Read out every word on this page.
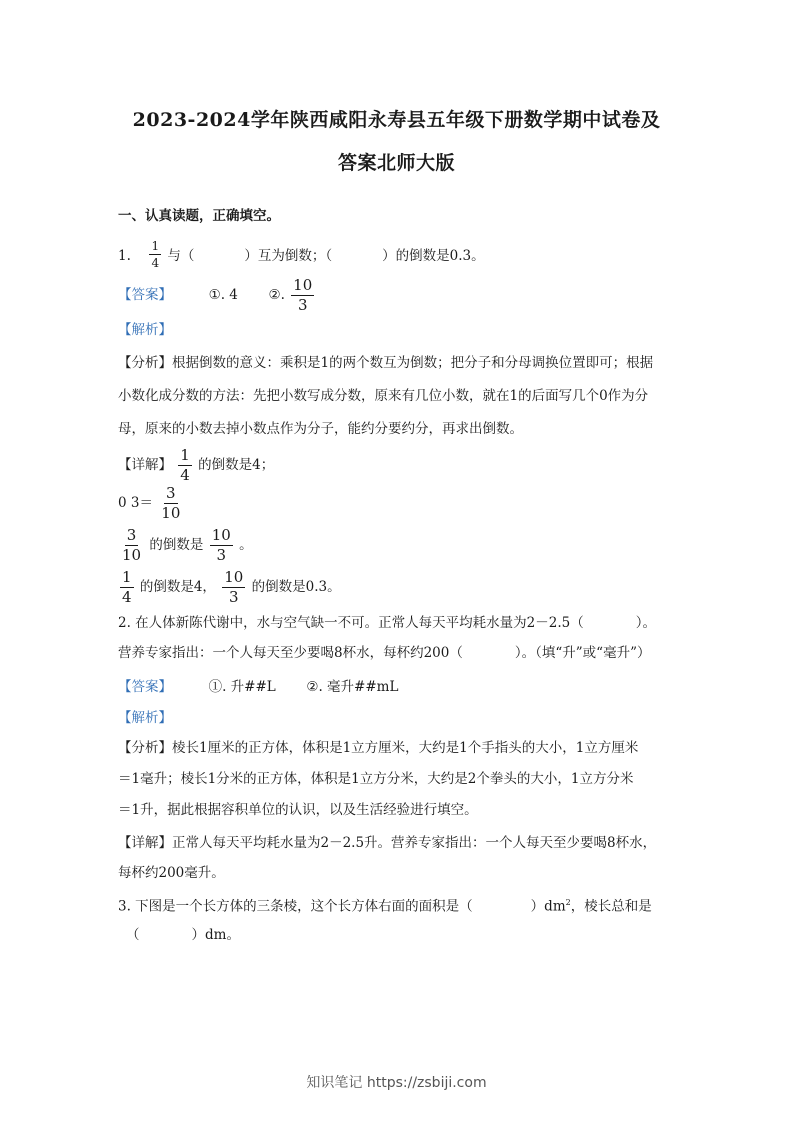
2023-2024学年陕西咸阳永寿县五年级下册数学期中试卷及
答案北师大版
一、认真读题，正确填空。
1. $\frac{1}{4}$ 与（	）互为倒数；（	）的倒数是0.3。
【答案】	①. 4 ②. $\frac{10}{3}$
【解析】
【分析】根据倒数的意义：乘积是1的两个数互为倒数；把分子和分母调换位置即可；根据
小数化成分数的方法：先把小数写成分数，原来有几位小数，就在1的后面写几个0作为分
母，原来的小数去掉小数点作为分子，能约分要约分，再求出倒数。
【详解】 $\frac{1}{4}$ 的倒数是4；
0 $3= \frac{3}{10}$
$\frac{3}{10}$ 的倒数是 $\frac{10}{3}$ 。
$\frac{1}{4}$ 的倒数是4， $\frac{10}{3}$ 的倒数是0.3。
2. 在人体新陈代谢中，水与空气缺一不可。正常人每天平均耗水量为2－2.5（	）。
营养专家指出：一个人每天至少要喝8杯水，每杯约200（	）。（填“升”或“毫升”）
【答案】	①. 升##L ②. 毫升##mL
【解析】
【分析】棱长1厘米的正方体，体积是1立方厘米，大约是1个手指头的大小，1立方厘米
＝1毫升；棱长1分米的正方体，体积是1立方分米，大约是2个拳头的大小，1立方分米
＝1升，据此根据容积单位的认识，以及生活经验进行填空。
【详解】正常人每天平均耗水量为2－2.5升。营养专家指出：一个人每天至少要喝8杯水，
每杯约200毫升。
3. 下图是一个长方体的三条棱，这个长方体右面的面积是（	）$dm^2$，棱长总和是
（	）dm。
知识笔记 https://zsbiji.com
